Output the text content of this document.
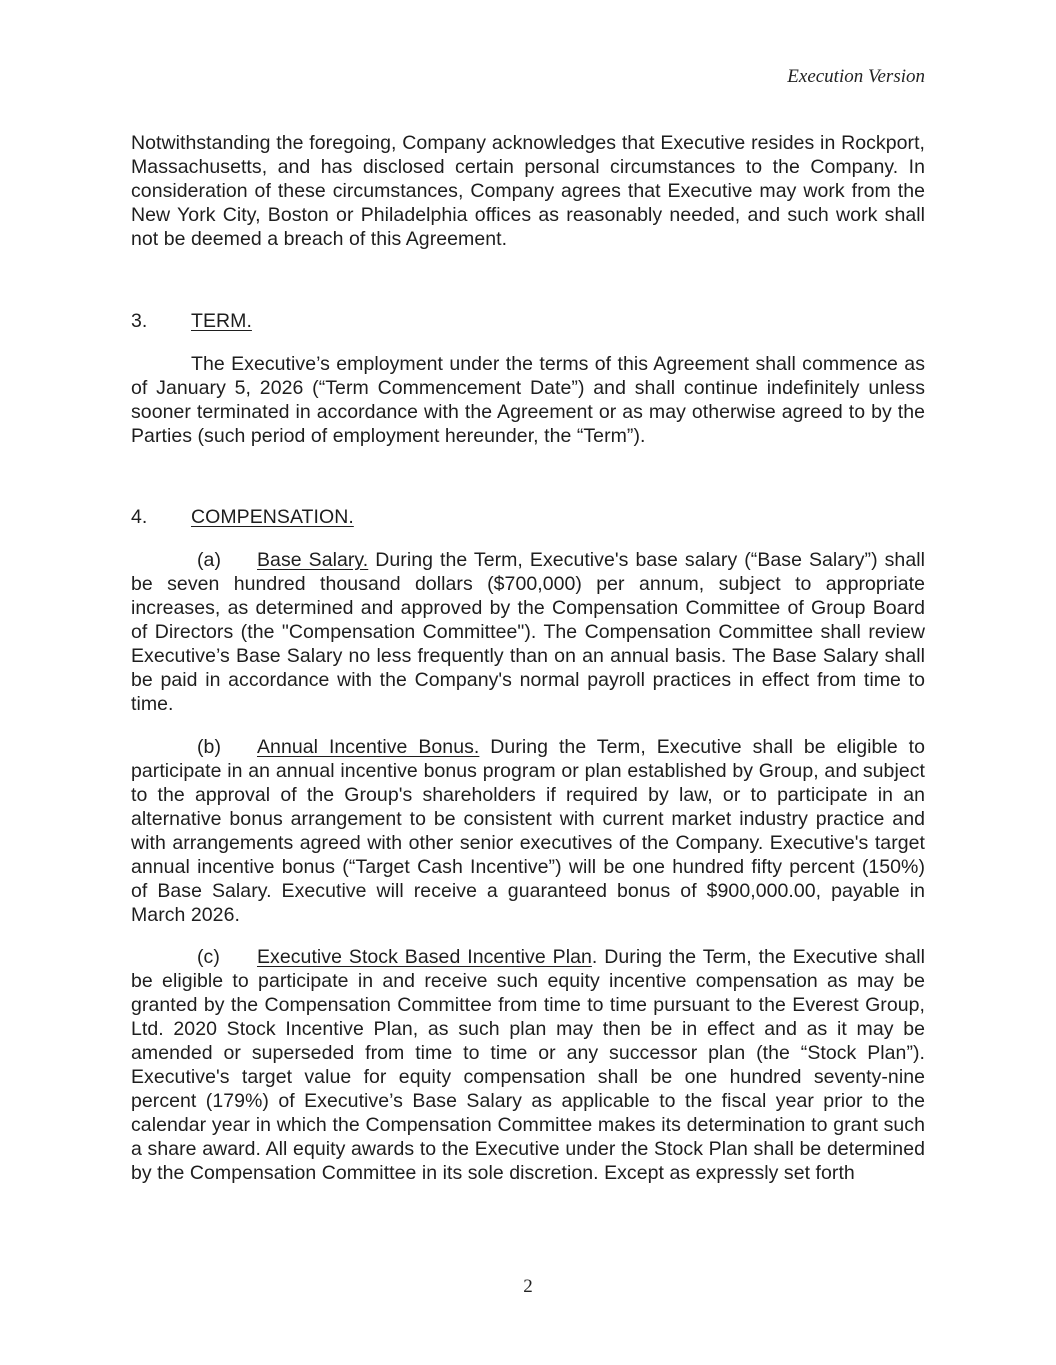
Execution Version

Notwithstanding the foregoing, Company acknowledges that Executive resides in Rockport, Massachusetts, and has disclosed certain personal circumstances to the Company. In consideration of these circumstances, Company agrees that Executive may work from the New York City, Boston or Philadelphia offices as reasonably needed, and such work shall not be deemed a breach of this Agreement.

3.	TERM.

The Executive’s employment under the terms of this Agreement shall commence as of January 5, 2026 (“Term Commencement Date”) and shall continue indefinitely unless sooner terminated in accordance with the Agreement or as may otherwise agreed to by the Parties (such period of employment hereunder, the “Term”).

4.	COMPENSATION.

(a) Base Salary. During the Term, Executive's base salary (“Base Salary”) shall be seven hundred thousand dollars ($700,000) per annum, subject to appropriate increases, as determined and approved by the Compensation Committee of Group Board of Directors (the "Compensation Committee"). The Compensation Committee shall review Executive’s Base Salary no less frequently than on an annual basis. The Base Salary shall be paid in accordance with the Company's normal payroll practices in effect from time to time.

(b) Annual Incentive Bonus. During the Term, Executive shall be eligible to participate in an annual incentive bonus program or plan established by Group, and subject to the approval of the Group's shareholders if required by law, or to participate in an alternative bonus arrangement to be consistent with current market industry practice and with arrangements agreed with other senior executives of the Company. Executive's target annual incentive bonus (“Target Cash Incentive”) will be one hundred fifty percent (150%) of Base Salary. Executive will receive a guaranteed bonus of $900,000.00, payable in March 2026.

(c) Executive Stock Based Incentive Plan. During the Term, the Executive shall be eligible to participate in and receive such equity incentive compensation as may be granted by the Compensation Committee from time to time pursuant to the Everest Group, Ltd. 2020 Stock Incentive Plan, as such plan may then be in effect and as it may be amended or superseded from time to time or any successor plan (the “Stock Plan”). Executive's target value for equity compensation shall be one hundred seventy-nine percent (179%) of Executive’s Base Salary as applicable to the fiscal year prior to the calendar year in which the Compensation Committee makes its determination to grant such a share award. All equity awards to the Executive under the Stock Plan shall be determined by the Compensation Committee in its sole discretion. Except as expressly set forth

2
